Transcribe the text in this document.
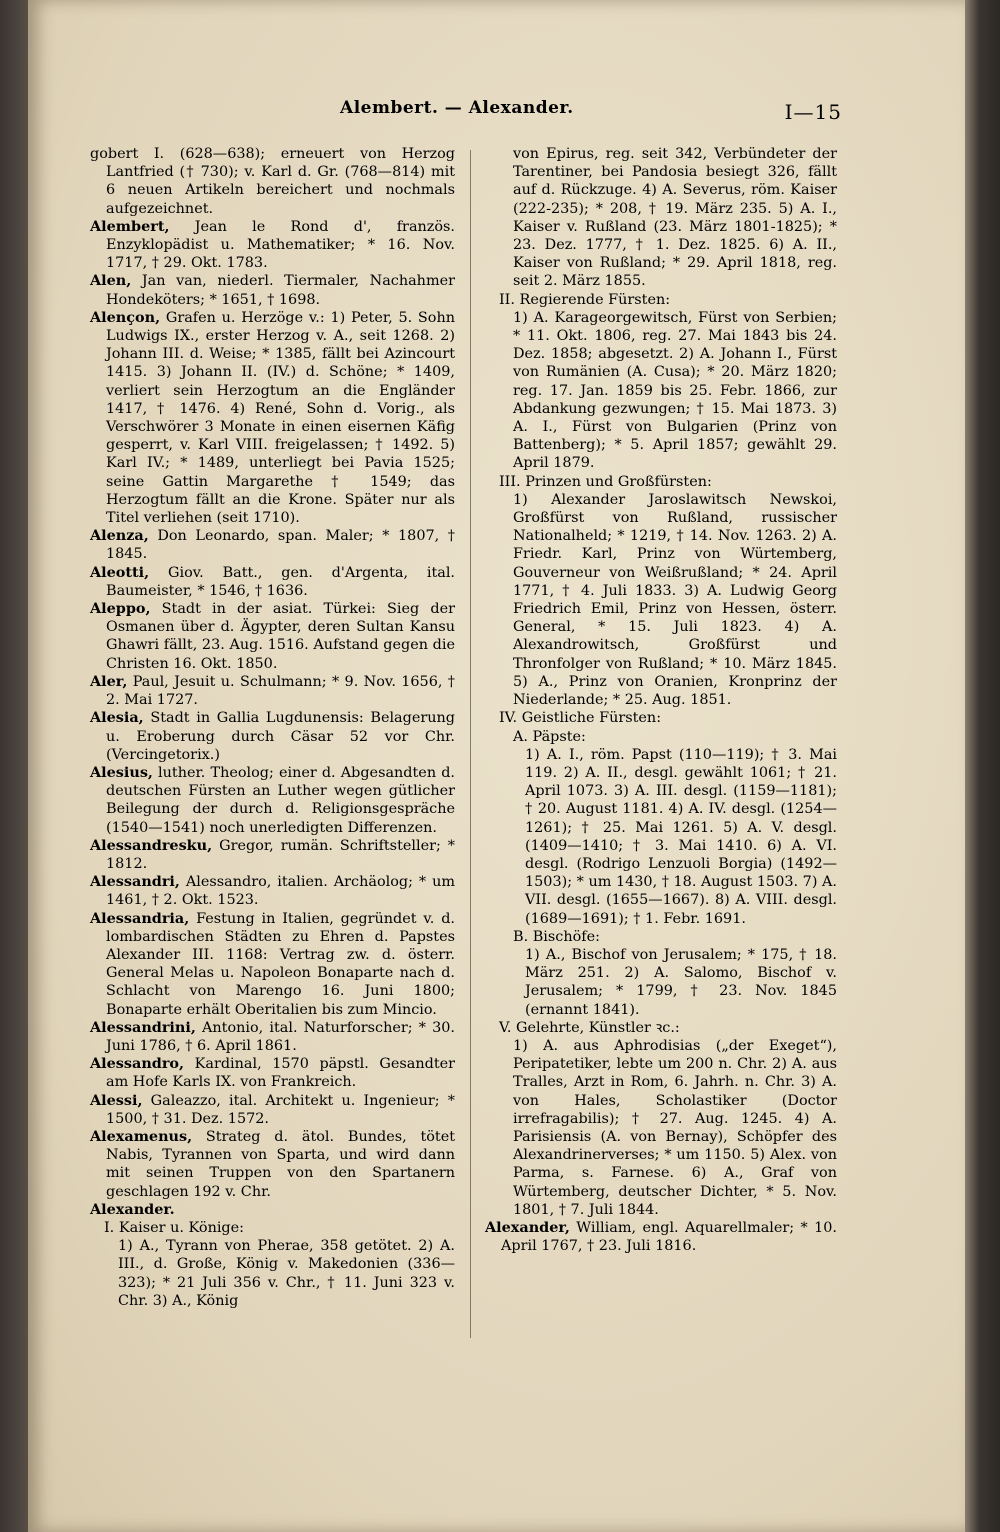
Alembert. — Alexander.	I—15

gobert I. (628—638); erneuert von Herzog Lantfried († 730); v. Karl d. Gr. (768—814) mit 6 neuen Artikeln bereichert und nochmals aufgezeichnet.

Alembert, Jean le Rond d', französ. Enzyklopädist u. Mathematiker; * 16. Nov. 1717, † 29. Okt. 1783.

Alen, Jan van, niederl. Tiermaler, Nachahmer Hondeköters; * 1651, † 1698.

Alençon, Grafen u. Herzöge v.: 1) Peter, 5. Sohn Ludwigs IX., erster Herzog v. A., seit 1268. 2) Johann III. d. Weise; * 1385, fällt bei Azincourt 1415. 3) Johann II. (IV.) d. Schöne; * 1409, verliert sein Herzogtum an die Engländer 1417, † 1476. 4) René, Sohn d. Vorig., als Verschwörer 3 Monate in einen eisernen Käfig gesperrt, v. Karl VIII. freigelassen; † 1492. 5) Karl IV.; * 1489, unterliegt bei Pavia 1525; seine Gattin Margarethe † 1549; das Herzogtum fällt an die Krone. Später nur als Titel verliehen (seit 1710).

Alenza, Don Leonardo, span. Maler; * 1807, † 1845.

Aleotti, Giov. Batt., gen. d'Argenta, ital. Baumeister, * 1546, † 1636.

Aleppo, Stadt in der asiat. Türkei: Sieg der Osmanen über d. Ägypter, deren Sultan Kansu Ghawri fällt, 23. Aug. 1516. Aufstand gegen die Christen 16. Okt. 1850.

Aler, Paul, Jesuit u. Schulmann; * 9. Nov. 1656, † 2. Mai 1727.

Alesia, Stadt in Gallia Lugdunensis: Belagerung u. Eroberung durch Cäsar 52 vor Chr. (Vercingetorix.)

Alesius, luther. Theolog; einer d. Abgesandten d. deutschen Fürsten an Luther wegen gütlicher Beilegung der durch d. Religionsgespräche (1540—1541) noch unerledigten Differenzen.

Alessandresku, Gregor, rumän. Schriftsteller; * 1812.

Alessandri, Alessandro, italien. Archäolog; * um 1461, † 2. Okt. 1523.

Alessandria, Festung in Italien, gegründet v. d. lombardischen Städten zu Ehren d. Papstes Alexander III. 1168: Vertrag zw. d. österr. General Melas u. Napoleon Bonaparte nach d. Schlacht von Marengo 16. Juni 1800; Bonaparte erhält Oberitalien bis zum Mincio.

Alessandrini, Antonio, ital. Naturforscher; * 30. Juni 1786, † 6. April 1861.

Alessandro, Kardinal, 1570 päpstl. Gesandter am Hofe Karls IX. von Frankreich.

Alessi, Galeazzo, ital. Architekt u. Ingenieur; * 1500, † 31. Dez. 1572.

Alexamenus, Strateg d. ätol. Bundes, tötet Nabis, Tyrannen von Sparta, und wird dann mit seinen Truppen von den Spartanern geschlagen 192 v. Chr.

Alexander.

I. Kaiser u. Könige:

1) A., Tyrann von Pherae, 358 getötet. 2) A. III., d. Große, König v. Makedonien (336—323); * 21 Juli 356 v. Chr., † 11. Juni 323 v. Chr. 3) A., König

von Epirus, reg. seit 342, Verbündeter der Tarentiner, bei Pandosia besiegt 326, fällt auf d. Rückzuge. 4) A. Severus, röm. Kaiser (222-235); * 208, † 19. März 235. 5) A. I., Kaiser v. Rußland (23. März 1801-1825); * 23. Dez. 1777, † 1. Dez. 1825. 6) A. II., Kaiser von Rußland; * 29. April 1818, reg. seit 2. März 1855.

II. Regierende Fürsten:

1) A. Karageorgewitsch, Fürst von Serbien; * 11. Okt. 1806, reg. 27. Mai 1843 bis 24. Dez. 1858; abgesetzt. 2) A. Johann I., Fürst von Rumänien (A. Cusa); * 20. März 1820; reg. 17. Jan. 1859 bis 25. Febr. 1866, zur Abdankung gezwungen; † 15. Mai 1873. 3) A. I., Fürst von Bulgarien (Prinz von Battenberg); * 5. April 1857; gewählt 29. April 1879.

III. Prinzen und Großfürsten:

1) Alexander Jaroslawitsch Newskoi, Großfürst von Rußland, russischer Nationalheld; * 1219, † 14. Nov. 1263. 2) A. Friedr. Karl, Prinz von Würtemberg, Gouverneur von Weißrußland; * 24. April 1771, † 4. Juli 1833. 3) A. Ludwig Georg Friedrich Emil, Prinz von Hessen, österr. General, * 15. Juli 1823. 4) A. Alexandrowitsch, Großfürst und Thronfolger von Rußland; * 10. März 1845. 5) A., Prinz von Oranien, Kronprinz der Niederlande; * 25. Aug. 1851.

IV. Geistliche Fürsten:

A. Päpste:

1) A. I., röm. Papst (110—119); † 3. Mai 119. 2) A. II., desgl. gewählt 1061; † 21. April 1073. 3) A. III. desgl. (1159—1181); † 20. August 1181. 4) A. IV. desgl. (1254—1261); † 25. Mai 1261. 5) A. V. desgl. (1409—1410; † 3. Mai 1410. 6) A. VI. desgl. (Rodrigo Lenzuoli Borgia) (1492—1503); * um 1430, † 18. August 1503. 7) A. VII. desgl. (1655—1667). 8) A. VIII. desgl. (1689—1691); † 1. Febr. 1691.

B. Bischöfe:

1) A., Bischof von Jerusalem; * 175, † 18. März 251. 2) A. Salomo, Bischof v. Jerusalem; * 1799, † 23. Nov. 1845 (ernannt 1841).

V. Gelehrte, Künstler ꝛc.:

1) A. aus Aphrodisias („der Exeget“), Peripatetiker, lebte um 200 n. Chr. 2) A. aus Tralles, Arzt in Rom, 6. Jahrh. n. Chr. 3) A. von Hales, Scholastiker (Doctor irrefragabilis); † 27. Aug. 1245. 4) A. Parisiensis (A. von Bernay), Schöpfer des Alexandrinerverses; * um 1150. 5) Alex. von Parma, s. Farnese. 6) A., Graf von Würtemberg, deutscher Dichter, * 5. Nov. 1801, † 7. Juli 1844.

Alexander, William, engl. Aquarellmaler; * 10. April 1767, † 23. Juli 1816.
